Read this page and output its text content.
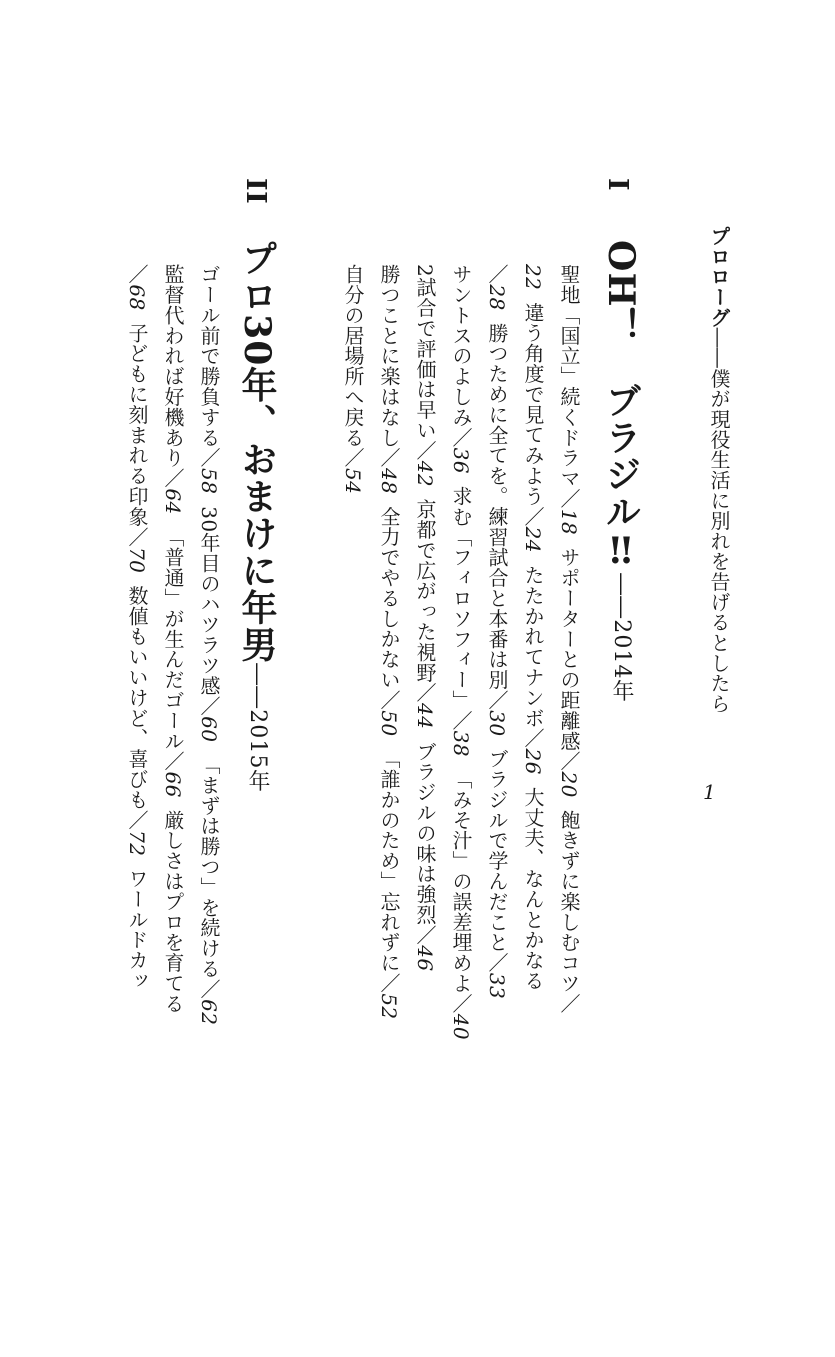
プロローグ――僕が現役生活に別れを告げるとしたら
1
I
OH！　ブラジル‼――2014年
聖地「国立」続くドラマ／18サポーターとの距離感／20飽きずに楽しむコツ／
22違う角度で見てみよう／24たたかれてナンボ／26大丈夫、なんとかなる
／28勝つために全てを。練習試合と本番は別／30ブラジルで学んだこと／33
サントスのよしみ／36求む「フィロソフィー」／38「みそ汁」の誤差埋めよ／40
2試合で評価は早い／42京都で広がった視野／44ブラジルの味は強烈／46
勝つことに楽はなし／48全力でやるしかない／50「誰かのため」忘れずに／52
自分の居場所へ戻る／54
II
プロ30年、おまけに年男――2015年
ゴール前で勝負する／5830年目のハツラツ感／60「まずは勝つ」を続ける／62
監督代われば好機あり／64「普通」が生んだゴール／66厳しさはプロを育てる
／68子どもに刻まれる印象／70数値もいいけど、喜びも／72ワールドカッ
